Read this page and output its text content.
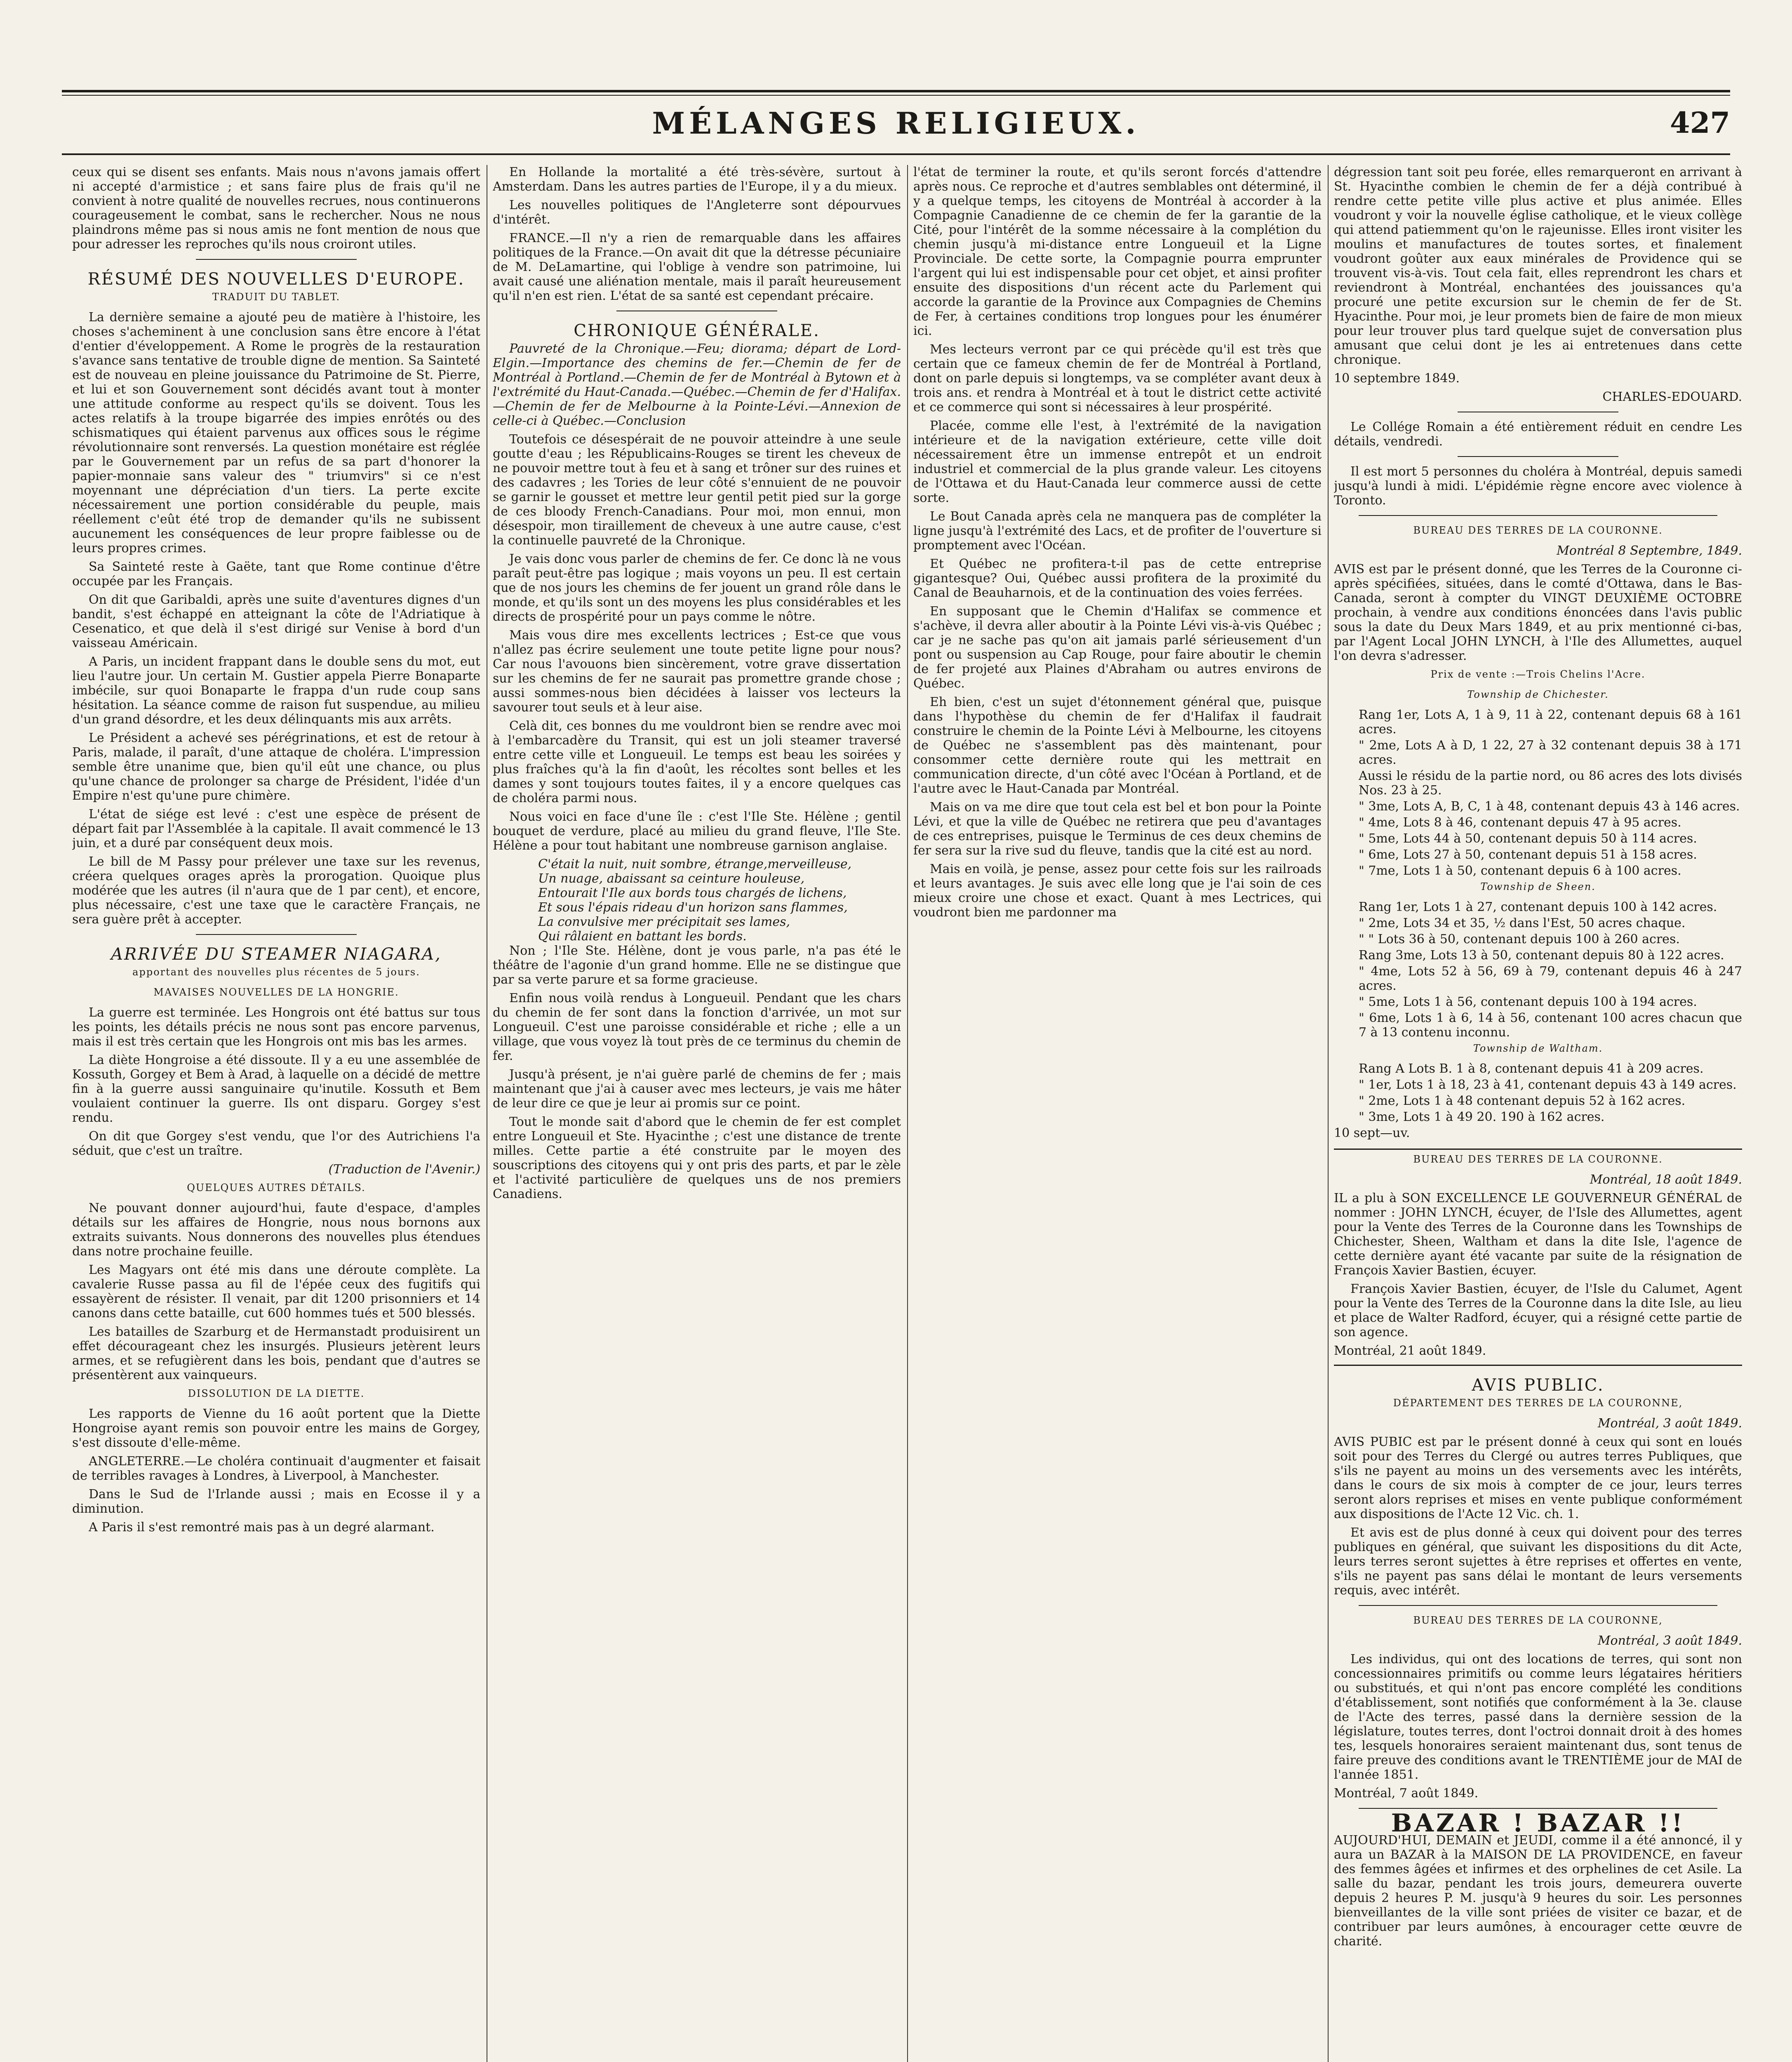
MÉLANGES RELIGIEUX.	427

ceux qui se disent ses enfants. Mais nous n'avons jamais offert ni accepté d'armistice ; et sans faire plus de frais qu'il ne convient à notre qualité de nouvelles recrues, nous continuerons courageusement le combat, sans le rechercher. Nous ne nous plaindrons même pas si nous amis ne font mention de nous que pour adresser les reproches qu'ils nous croiront utiles.

RÉSUMÉ DES NOUVELLES D'EUROPE.
TRADUIT DU TABLET.

La dernière semaine a ajouté peu de matière à l'histoire, les choses s'acheminent à une conclusion sans être encore à l'état d'entier d'éveloppement. A Rome le progrès de la restauration s'avance sans tentative de trouble digne de mention. Sa Sainteté est de nouveau en pleine jouissance du Patrimoine de St. Pierre, et lui et son Gouvernement sont décidés avant tout à monter une attitude conforme au respect qu'ils se doivent. Tous les actes relatifs à la troupe bigarrée des impies enrôtés ou des schismatiques qui étaient parvenus aux offices sous le régime révolutionnaire sont renversés. La question monétaire est réglée par le Gouvernement par un refus de sa part d'honorer la papier-monnaie sans valeur des " triumvirs" si ce n'est moyennant une dépréciation d'un tiers. La perte excite nécessairement une portion considérable du peuple, mais réellement c'eût été trop de demander qu'ils ne subissent aucunement les conséquences de leur propre faiblesse ou de leurs propres crimes.

Sa Sainteté reste à Gaëte, tant que Rome continue d'être occupée par les Français.

On dit que Garibaldi, après une suite d'aventures dignes d'un bandit, s'est échappé en atteignant la côte de l'Adriatique à Cesenatico, et que delà il s'est dirigé sur Venise à bord d'un vaisseau Américain.

A Paris, un incident frappant dans le double sens du mot, eut lieu l'autre jour. Un certain M. Gustier appela Pierre Bonaparte imbécile, sur quoi Bonaparte le frappa d'un rude coup sans hésitation. La séance comme de raison fut suspendue, au milieu d'un grand désordre, et les deux délinquants mis aux arrêts.

Le Président a achevé ses pérégrinations, et est de retour à Paris, malade, il paraît, d'une attaque de choléra. L'impression semble être unanime que, bien qu'il eût une chance, ou plus qu'une chance de prolonger sa charge de Président, l'idée d'un Empire n'est qu'une pure chimère.

L'état de siége est levé : c'est une espèce de présent de départ fait par l'Assemblée à la capitale. Il avait commencé le 13 juin, et a duré par conséquent deux mois.

Le bill de M Passy pour prélever une taxe sur les revenus, créera quelques orages après la prorogation. Quoique plus modérée que les autres (il n'aura que de 1 par cent), et encore, plus nécessaire, c'est une taxe que le caractère Français, ne sera guère prêt à accepter.

ARRIVÉE DU STEAMER NIAGARA,
apportant des nouvelles plus récentes de 5 jours.
MAVAISES NOUVELLES DE LA HONGRIE.

La guerre est terminée. Les Hongrois ont été battus sur tous les points, les détails précis ne nous sont pas encore parvenus, mais il est très certain que les Hongrois ont mis bas les armes.

La diète Hongroise a été dissoute. Il y a eu une assemblée de Kossuth, Gorgey et Bem à Arad, à laquelle on a décidé de mettre fin à la guerre aussi sanguinaire qu'inutile. Kossuth et Bem voulaient continuer la guerre. Ils ont disparu. Gorgey s'est rendu.

On dit que Gorgey s'est vendu, que l'or des Autrichiens l'a séduit, que c'est un traître.

(Traduction de l'Avenir.)

QUELQUES AUTRES DÉTAILS.

Ne pouvant donner aujourd'hui, faute d'espace, d'amples détails sur les affaires de Hongrie, nous nous bornons aux extraits suivants. Nous donnerons des nouvelles plus étendues dans notre prochaine feuille.

Les Magyars ont été mis dans une déroute complète. La cavalerie Russe passa au fil de l'épée ceux des fugitifs qui essayèrent de résister. Il venait, par dit 1200 prisonniers et 14 canons dans cette bataille, cut 600 hommes tués et 500 blessés.

Les batailles de Szarburg et de Hermanstadt produisirent un effet décourageant chez les insurgés. Plusieurs jetèrent leurs armes, et se refugièrent dans les bois, pendant que d'autres se présentèrent aux vainqueurs.

DISSOLUTION DE LA DIETTE.

Les rapports de Vienne du 16 août portent que la Diette Hongroise ayant remis son pouvoir entre les mains de Gorgey, s'est dissoute d'elle-même.

ANGLETERRE.—Le choléra continuait d'augmenter et faisait de terribles ravages à Londres, à Liverpool, à Manchester.

Dans le Sud de l'Irlande aussi ; mais en Ecosse il y a diminution.

A Paris il s'est remontré mais pas à un degré alarmant.

En Hollande la mortalité a été très-sévère, surtout à Amsterdam. Dans les autres parties de l'Europe, il y a du mieux.

Les nouvelles politiques de l'Angleterre sont dépourvues d'intérêt.

FRANCE.—Il n'y a rien de remarquable dans les affaires politiques de la France.—On avait dit que la détresse pécuniaire de M. DeLamartine, qui l'oblige à vendre son patrimoine, lui avait causé une aliénation mentale, mais il paraît heureusement qu'il n'en est rien. L'état de sa santé est cependant précaire.

CHRONIQUE GÉNÉRALE.

Pauvreté de la Chronique.—Feu; diorama; départ de Lord-Elgin.—Importance des chemins de fer.—Chemin de fer de Montréal à Portland.—Chemin de fer de Montréal à Bytown et à l'extrémité du Haut-Canada.—Québec.—Chemin de fer d'Halifax.—Chemin de fer de Melbourne à la Pointe-Lévi.—Annexion de celle-ci à Québec.—Conclusion

Toutefois ce désespérait de ne pouvoir atteindre à une seule goutte d'eau ; les Républicains-Rouges se tirent les cheveux de ne pouvoir mettre tout à feu et à sang et trôner sur des ruines et des cadavres ; les Tories de leur côté s'ennuient de ne pouvoir se garnir le gousset et mettre leur gentil petit pied sur la gorge de ces bloody French-Canadians. Pour moi, mon ennui, mon désespoir, mon tiraillement de cheveux à une autre cause, c'est la continuelle pauvreté de la Chronique.

Je vais donc vous parler de chemins de fer. Ce donc là ne vous paraît peut-être pas logique ; mais voyons un peu. Il est certain que de nos jours les chemins de fer jouent un grand rôle dans le monde, et qu'ils sont un des moyens les plus considérables et les directs de prospérité pour un pays comme le nôtre.

Mais vous dire mes excellents lectrices ; Est-ce que vous n'allez pas écrire seulement une toute petite ligne pour nous? Car nous l'avouons bien sincèrement, votre grave dissertation sur les chemins de fer ne saurait pas promettre grande chose ; aussi sommes-nous bien décidées à laisser vos lecteurs la savourer tout seuls et à leur aise.

Celà dit, ces bonnes du me vouldront bien se rendre avec moi à l'embarcadère du Transit, qui est un joli steamer traversé entre cette ville et Longueuil. Le temps est beau les soirées y plus fraîches qu'à la fin d'août, les récoltes sont belles et les dames y sont toujours toutes faites, il y a encore quelques cas de choléra parmi nous.

Nous voici en face d'une île : c'est l'Ile Ste. Hélène ; gentil bouquet de verdure, placé au milieu du grand fleuve, l'Ile Ste. Hélène a pour tout habitant une nombreuse garnison anglaise.

C'était la nuit, nuit sombre, étrange,merveilleuse,

Un nuage, abaissant sa ceinture houleuse,

Entourait l'Ile aux bords tous chargés de lichens,

Et sous l'épais rideau d'un horizon sans flammes,

La convulsive mer précipitait ses lames,

Qui râlaient en battant les bords.

Non ; l'Ile Ste. Hélène, dont je vous parle, n'a pas été le théâtre de l'agonie d'un grand homme. Elle ne se distingue que par sa verte parure et sa forme gracieuse.

Enfin nous voilà rendus à Longueuil. Pendant que les chars du chemin de fer sont dans la fonction d'arrivée, un mot sur Longueuil. C'est une paroisse considérable et riche ; elle a un village, que vous voyez là tout près de ce terminus du chemin de fer.

Jusqu'à présent, je n'ai guère parlé de chemins de fer ; mais maintenant que j'ai à causer avec mes lecteurs, je vais me hâter de leur dire ce que je leur ai promis sur ce point.

Tout le monde sait d'abord que le chemin de fer est complet entre Longueuil et Ste. Hyacinthe ; c'est une distance de trente milles. Cette partie a été construite par le moyen des souscriptions des citoyens qui y ont pris des parts, et par le zèle et l'activité particulière de quelques uns de nos premiers Canadiens.

l'état de terminer la route, et qu'ils seront forcés d'attendre après nous. Ce reproche et d'autres semblables ont déterminé, il y a quelque temps, les citoyens de Montréal à accorder à la Compagnie Canadienne de ce chemin de fer la garantie de la Cité, pour l'intérêt de la somme nécessaire à la complétion du chemin jusqu'à mi-distance entre Longueuil et la Ligne Provinciale. De cette sorte, la Compagnie pourra emprunter l'argent qui lui est indispensable pour cet objet, et ainsi profiter ensuite des dispositions d'un récent acte du Parlement qui accorde la garantie de la Province aux Compagnies de Chemins de Fer, à certaines conditions trop longues pour les énumérer ici.

Mes lecteurs verront par ce qui précède qu'il est très que certain que ce fameux chemin de fer de Montréal à Portland, dont on parle depuis si longtemps, va se compléter avant deux à trois ans. et rendra à Montréal et à tout le district cette activité et ce commerce qui sont si nécessaires à leur prospérité.

Placée, comme elle l'est, à l'extrémité de la navigation intérieure et de la navigation extérieure, cette ville doit nécessairement être un immense entrepôt et un endroit industriel et commercial de la plus grande valeur. Les citoyens de l'Ottawa et du Haut-Canada leur commerce aussi de cette sorte.

Le Bout Canada après cela ne manquera pas de compléter la ligne jusqu'à l'extrémité des Lacs, et de profiter de l'ouverture si promptement avec l'Océan.

Et Québec ne profitera-t-il pas de cette entreprise gigantesque? Oui, Québec aussi profitera de la proximité du Canal de Beauharnois, et de la continuation des voies ferrées.

En supposant que le Chemin d'Halifax se commence et s'achève, il devra aller aboutir à la Pointe Lévi vis-à-vis Québec ; car je ne sache pas qu'on ait jamais parlé sérieusement d'un pont ou suspension au Cap Rouge, pour faire aboutir le chemin de fer projeté aux Plaines d'Abraham ou autres environs de Québec.

Eh bien, c'est un sujet d'étonnement général que, puisque dans l'hypothèse du chemin de fer d'Halifax il faudrait construire le chemin de la Pointe Lévi à Melbourne, les citoyens de Québec ne s'assemblent pas dès maintenant, pour consommer cette dernière route qui les mettrait en communication directe, d'un côté avec l'Océan à Portland, et de l'autre avec le Haut-Canada par Montréal.

Mais on va me dire que tout cela est bel et bon pour la Pointe Lévi, et que la ville de Québec ne retirera que peu d'avantages de ces entreprises, puisque le Terminus de ces deux chemins de fer sera sur la rive sud du fleuve, tandis que la cité est au nord.

Mais en voilà, je pense, assez pour cette fois sur les railroads et leurs avantages. Je suis avec elle long que je l'ai soin de ces mieux croire une chose et exact. Quant à mes Lectrices, qui voudront bien me pardonner ma

dégression tant soit peu forée, elles remarqueront en arrivant à St. Hyacinthe combien le chemin de fer a déjà contribué à rendre cette petite ville plus active et plus animée. Elles voudront y voir la nouvelle église catholique, et le vieux collège qui attend patiemment qu'on le rajeunisse. Elles iront visiter les moulins et manufactures de toutes sortes, et finalement voudront goûter aux eaux minérales de Providence qui se trouvent vis-à-vis. Tout cela fait, elles reprendront les chars et reviendront à Montréal, enchantées des jouissances qu'a procuré une petite excursion sur le chemin de fer de St. Hyacinthe. Pour moi, je leur promets bien de faire de mon mieux pour leur trouver plus tard quelque sujet de conversation plus amusant que celui dont je les ai entretenues dans cette chronique.

10 septembre 1849.

CHARLES-EDOUARD.

Le Collége Romain a été entièrement réduit en cendre Les détails, vendredi.

Il est mort 5 personnes du choléra à Montréal, depuis samedi jusqu'à lundi à midi. L'épidémie règne encore avec violence à Toronto.

BUREAU DES TERRES DE LA COURONNE.

Montréal 8 Septembre, 1849.

AVIS est par le présent donné, que les Terres de la Couronne ci-après spécifiées, situées, dans le comté d'Ottawa, dans le Bas-Canada, seront à compter du VINGT DEUXIÈME OCTOBRE prochain, à vendre aux conditions énoncées dans l'avis public sous la date du Deux Mars 1849, et au prix mentionné ci-bas, par l'Agent Local JOHN LYNCH, à l'Ile des Allumettes, auquel l'on devra s'adresser.

Prix de vente :—Trois Chelins l'Acre.
Township de Chichester.

Rang 1er, Lots A, 1 à 9, 11 à 22, contenant depuis 68 à 161 acres.

" 2me, Lots A à D, 1 22, 27 à 32 contenant depuis 38 à 171 acres.

Aussi le résidu de la partie nord, ou 86 acres des lots divisés Nos. 23 à 25.

" 3me, Lots A, B, C, 1 à 48, contenant depuis 43 à 146 acres.

" 4me, Lots 8 à 46, contenant depuis 47 à 95 acres.

" 5me, Lots 44 à 50, contenant depuis 50 à 114 acres.

" 6me, Lots 27 à 50, contenant depuis 51 à 158 acres.

" 7me, Lots 1 à 50, contenant depuis 6 à 100 acres.

Township de Sheen.

Rang 1er, Lots 1 à 27, contenant depuis 100 à 142 acres.

" 2me, Lots 34 et 35, ½ dans l'Est, 50 acres chaque.

" " Lots 36 à 50, contenant depuis 100 à 260 acres.

Rang 3me, Lots 13 à 50, contenant depuis 80 à 122 acres.

" 4me, Lots 52 à 56, 69 à 79, contenant depuis 46 à 247 acres.

" 5me, Lots 1 à 56, contenant depuis 100 à 194 acres.

" 6me, Lots 1 à 6, 14 à 56, contenant 100 acres chacun que 7 à 13 contenu inconnu.

Township de Waltham.

Rang A Lots B. 1 à 8, contenant depuis 41 à 209 acres.

" 1er, Lots 1 à 18, 23 à 41, contenant depuis 43 à 149 acres.

" 2me, Lots 1 à 48 contenant depuis 52 à 162 acres.

" 3me, Lots 1 à 49 20. 190 à 162 acres.

10 sept—uv.

BUREAU DES TERRES DE LA COURONNE.

Montréal, 18 août 1849.

IL a plu à SON EXCELLENCE LE GOUVERNEUR GÉNÉRAL de nommer : JOHN LYNCH, écuyer, de l'Isle des Allumettes, agent pour la Vente des Terres de la Couronne dans les Townships de Chichester, Sheen, Waltham et dans la dite Isle, l'agence de cette dernière ayant été vacante par suite de la résignation de François Xavier Bastien, écuyer.

François Xavier Bastien, écuyer, de l'Isle du Calumet, Agent pour la Vente des Terres de la Couronne dans la dite Isle, au lieu et place de Walter Radford, écuyer, qui a résigné cette partie de son agence.

Montréal, 21 août 1849.

AVIS PUBLIC.
DÉPARTEMENT DES TERRES DE LA COURONNE,

Montréal, 3 août 1849.

AVIS PUBIC est par le présent donné à ceux qui sont en loués soit pour des Terres du Clergé ou autres terres Publiques, que s'ils ne payent au moins un des versements avec les intérêts, dans le cours de six mois à compter de ce jour, leurs terres seront alors reprises et mises en vente publique conformément aux dispositions de l'Acte 12 Vic. ch. 1.

Et avis est de plus donné à ceux qui doivent pour des terres publiques en général, que suivant les dispositions du dit Acte, leurs terres seront sujettes à être reprises et offertes en vente, s'ils ne payent pas sans délai le montant de leurs versements requis, avec intérêt.

BUREAU DES TERRES DE LA COURONNE,

Montréal, 3 août 1849.

Les individus, qui ont des locations de terres, qui sont non concessionnaires primitifs ou comme leurs légataires héritiers ou substitués, et qui n'ont pas encore complété les conditions d'établissement, sont notifiés que conformément à la 3e. clause de l'Acte des terres, passé dans la dernière session de la législature, toutes terres, dont l'octroi donnait droit à des homes tes, lesquels honoraires seraient maintenant dus, sont tenus de faire preuve des conditions avant le TRENTIÈME jour de MAI de l'année 1851.

Montréal, 7 août 1849.

BAZAR ! BAZAR !!

AUJOURD'HUI, DEMAIN et JEUDI, comme il a été annoncé, il y aura un BAZAR à la MAISON DE LA PROVIDENCE, en faveur des femmes âgées et infirmes et des orphelines de cet Asile. La salle du bazar, pendant les trois jours, demeurera ouverte depuis 2 heures P. M. jusqu'à 9 heures du soir. Les personnes bienveillantes de la ville sont priées de visiter ce bazar, et de contribuer par leurs aumônes, à encourager cette œuvre de charité.
